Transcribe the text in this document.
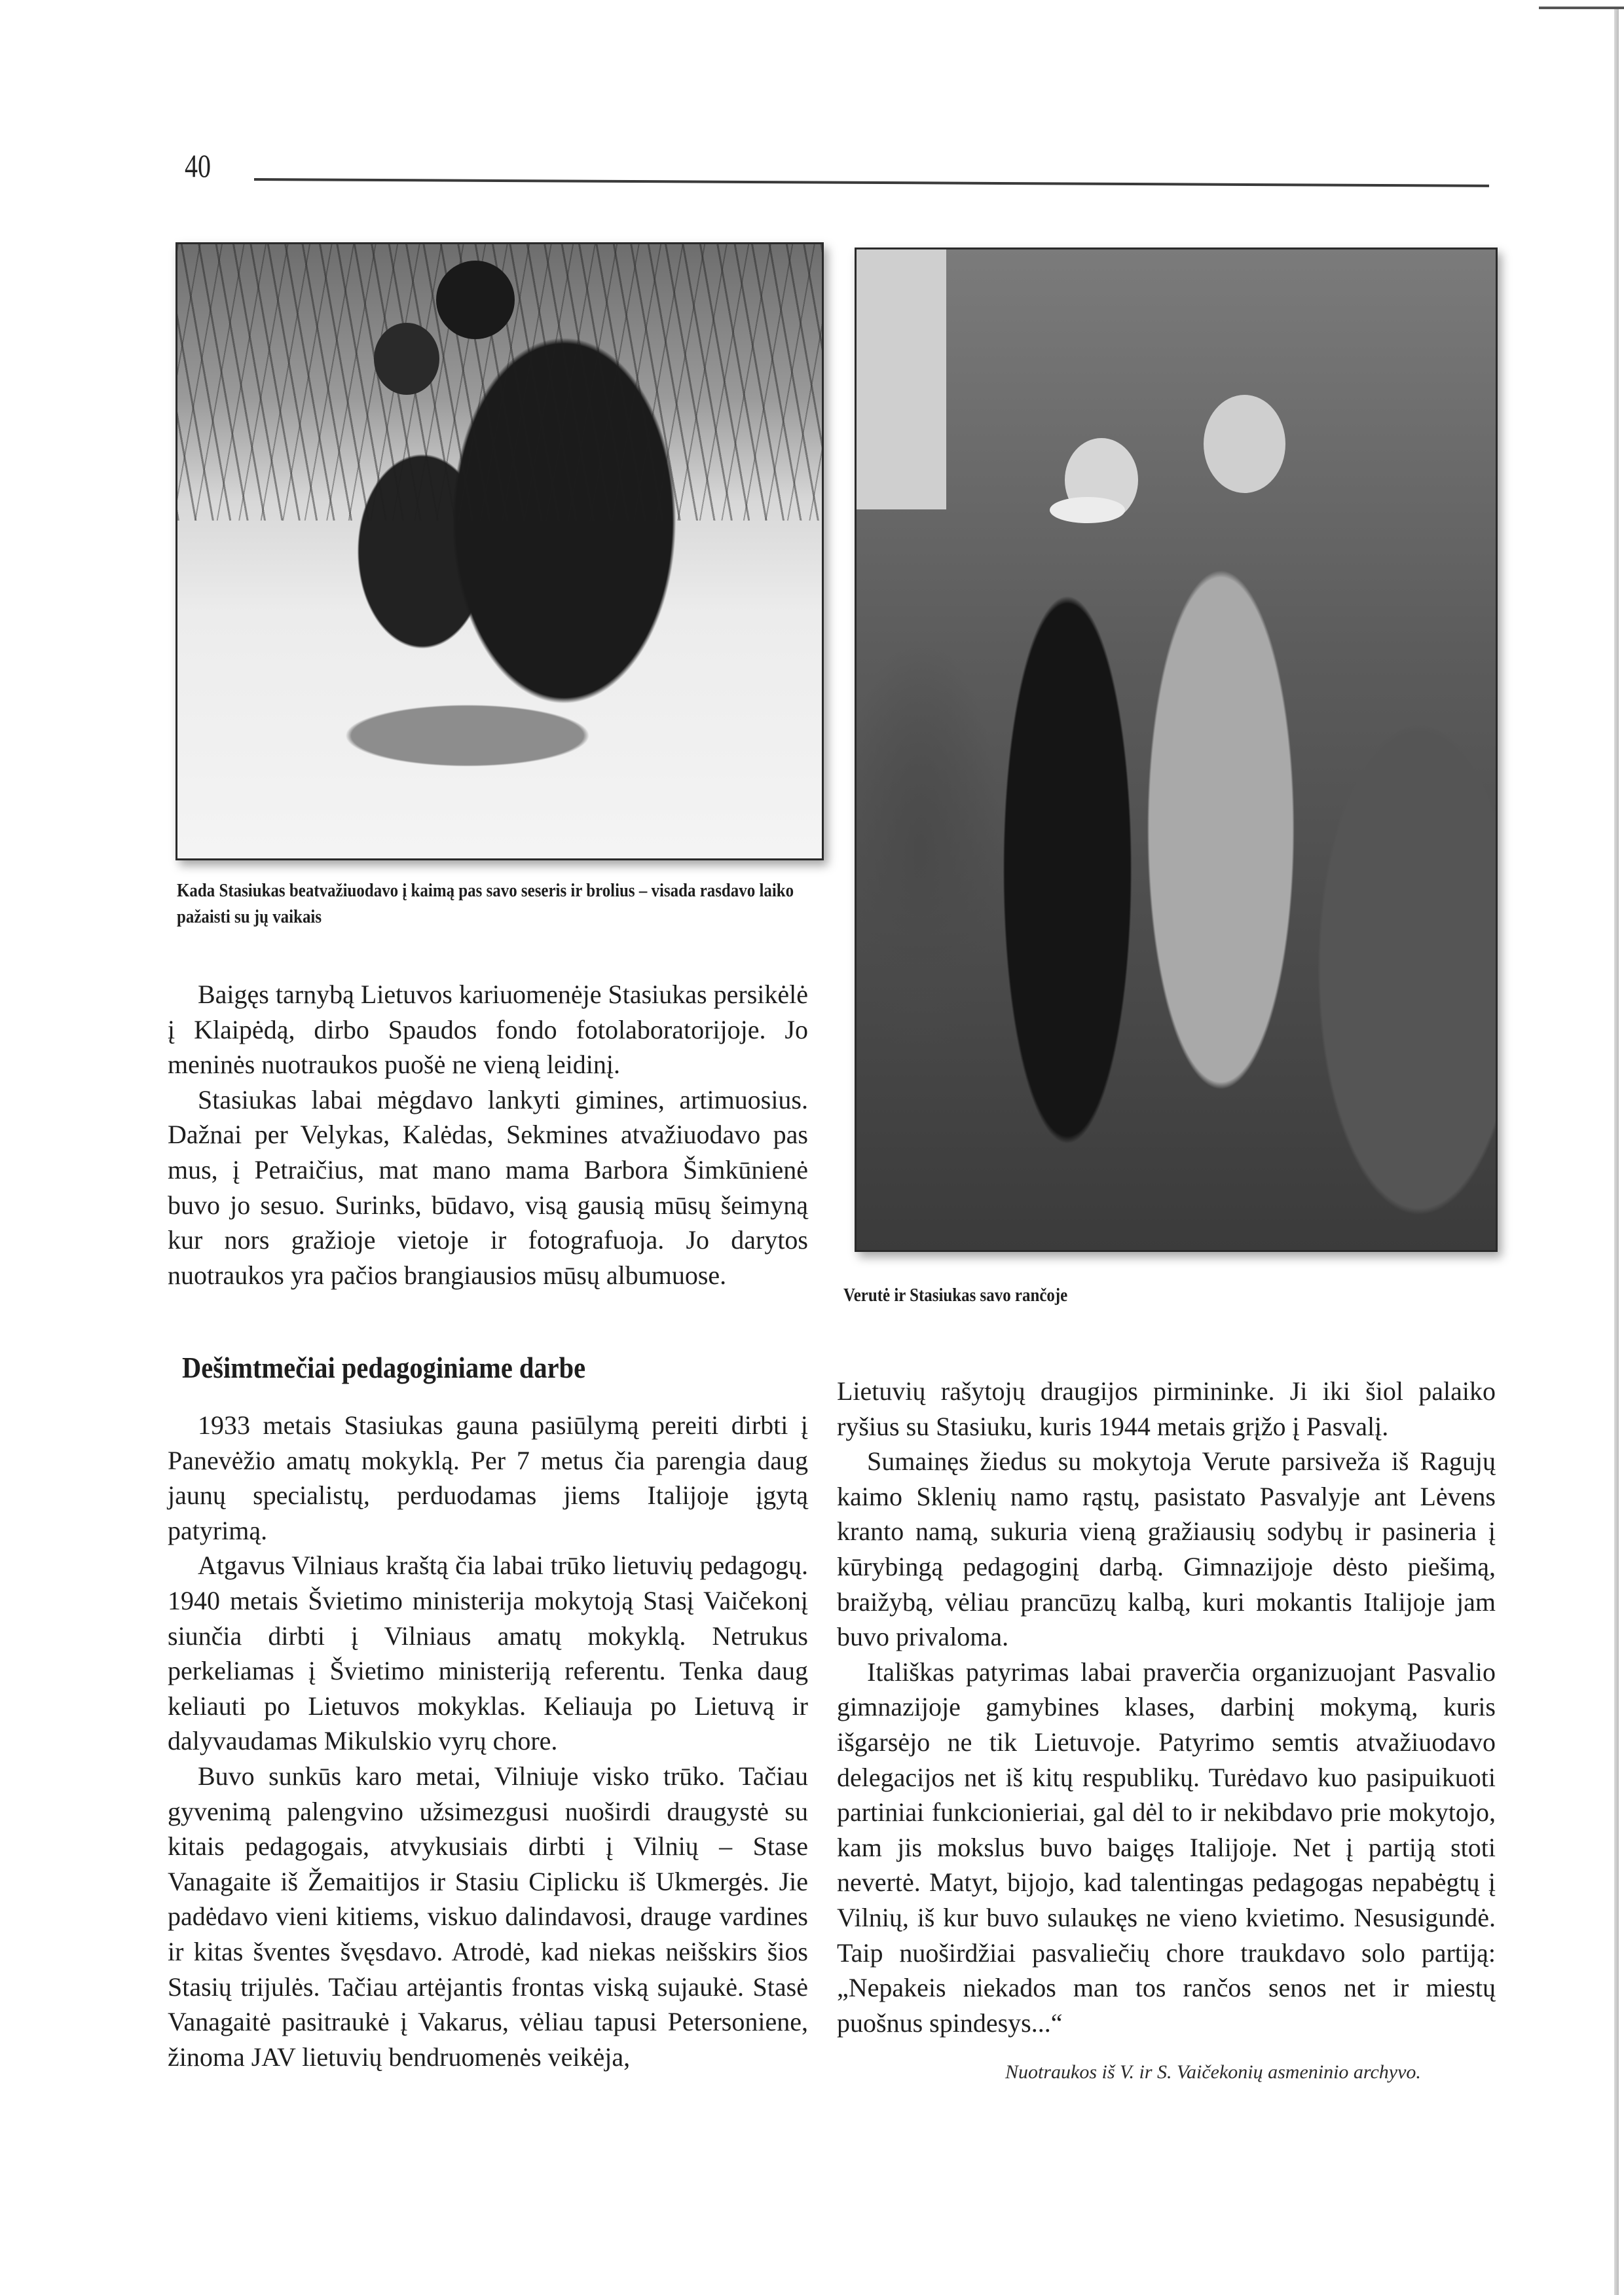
40
Kada Stasiukas beatvažiuodavo į kaimą pas savo seseris ir brolius – visada rasdavo laiko pažaisti su jų vaikais
Verutė ir Stasiukas savo rančoje

Baigęs tarnybą Lietuvos kariuomenėje Stasiukas persikėlė į Klaipėdą, dirbo Spaudos fondo fotolaboratorijoje. Jo meninės nuotraukos puošė ne vieną leidinį.

Stasiukas labai mėgdavo lankyti gimines, artimuosius. Dažnai per Velykas, Kalėdas, Sekmines atvažiuodavo pas mus, į Petraičius, mat mano mama Barbora Šimkūnienė buvo jo sesuo. Surinks, būdavo, visą gausią mūsų šeimyną kur nors gražioje vietoje ir fotografuoja. Jo darytos nuotraukos yra pačios brangiausios mūsų albumuose.

Dešimtmečiai pedagoginiame darbe

1933 metais Stasiukas gauna pasiūlymą pereiti dirbti į Panevėžio amatų mokyklą. Per 7 metus čia parengia daug jaunų specialistų, perduodamas jiems Italijoje įgytą patyrimą.

Atgavus Vilniaus kraštą čia labai trūko lietuvių pedagogų. 1940 metais Švietimo ministerija mokytoją Stasį Vaičekonį siunčia dirbti į Vilniaus amatų mokyklą. Netrukus perkeliamas į Švietimo ministeriją referentu. Tenka daug keliauti po Lietuvos mokyklas. Keliauja po Lietuvą ir dalyvaudamas Mikulskio vyrų chore.

Buvo sunkūs karo metai, Vilniuje visko trūko. Tačiau gyvenimą palengvino užsimezgusi nuoširdi draugystė su kitais pedagogais, atvykusiais dirbti į Vilnių – Stase Vanagaite iš Žemaitijos ir Stasiu Ciplicku iš Ukmergės. Jie padėdavo vieni kitiems, viskuo dalindavosi, drauge vardines ir kitas šventes švęsdavo. Atrodė, kad niekas neišskirs šios Stasių trijulės. Tačiau artėjantis frontas viską sujaukė. Stasė Vanagaitė pasitraukė į Vakarus, vėliau tapusi Petersoniene, žinoma JAV lietuvių bendruomenės veikėja,

Lietuvių rašytojų draugijos pirmininke. Ji iki šiol palaiko ryšius su Stasiuku, kuris 1944 metais grįžo į Pasvalį.

Sumainęs žiedus su mokytoja Verute parsiveža iš Ragujų kaimo Sklenių namo rąstų, pasistato Pasvalyje ant Lėvens kranto namą, sukuria vieną gražiausių sodybų ir pasineria į kūrybingą pedagoginį darbą. Gimnazijoje dėsto piešimą, braižybą, vėliau prancūzų kalbą, kuri mokantis Italijoje jam buvo privaloma.

Itališkas patyrimas labai praverčia organizuojant Pasvalio gimnazijoje gamybines klases, darbinį mokymą, kuris išgarsėjo ne tik Lietuvoje. Patyrimo semtis atvažiuodavo delegacijos net iš kitų respublikų. Turėdavo kuo pasipuikuoti partiniai funkcionieriai, gal dėl to ir nekibdavo prie mokytojo, kam jis mokslus buvo baigęs Italijoje. Net į partiją stoti nevertė. Matyt, bijojo, kad talentingas pedagogas nepabėgtų į Vilnių, iš kur buvo sulaukęs ne vieno kvietimo. Nesusigundė. Taip nuoširdžiai pasvaliečių chore traukdavo solo partiją: „Nepakeis niekados man tos rančos senos net ir miestų puošnus spindesys...“

Nuotraukos iš V. ir S. Vaičekonių asmeninio archyvo.
